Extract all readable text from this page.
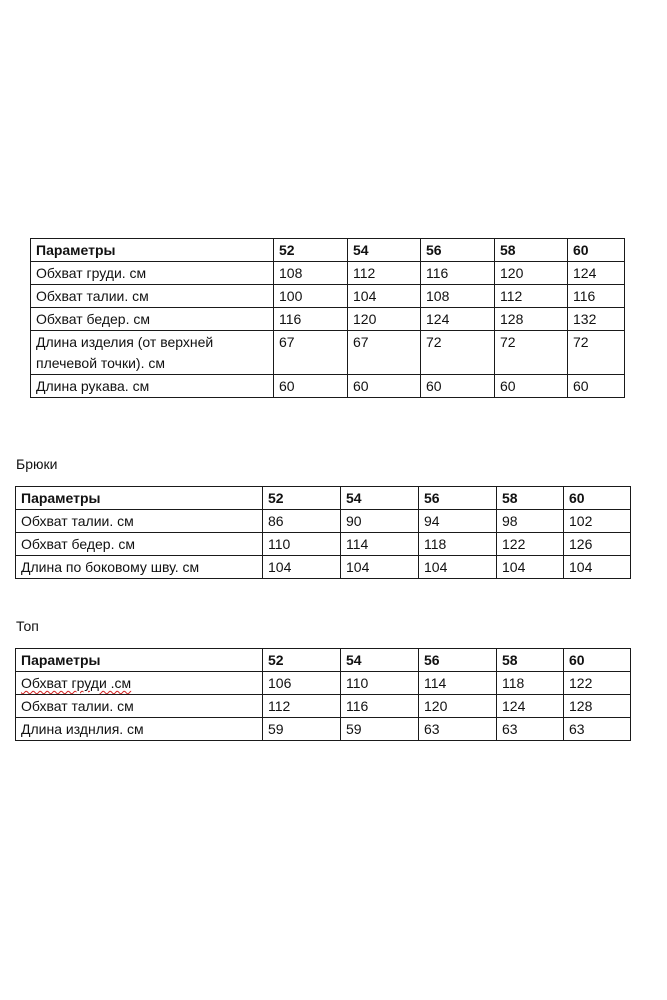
Параметры	52	54	56	58	60
Обхват груди. см	108	112	116	120	124
Обхват талии. см	100	104	108	112	116
Обхват бедер. см	116	120	124	128	132
Длина изделия (от верхней плечевой точки). см	67	67	72	72	72
Длина рукава. см	60	60	60	60	60
Брюки
Параметры	52	54	56	58	60
Обхват талии. см	86	90	94	98	102
Обхват бедер. см	110	114	118	122	126
Длина по боковому шву. см	104	104	104	104	104
Топ
Параметры	52	54	56	58	60
Обхват груди .см	106	110	114	118	122
Обхват талии. см	112	116	120	124	128
Длина изднлия. см	59	59	63	63	63
